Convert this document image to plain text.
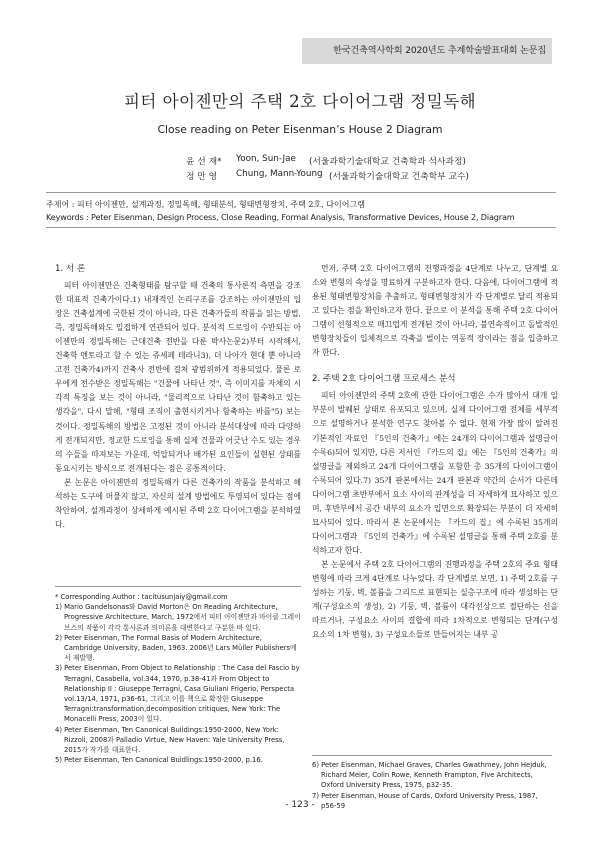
한국건축역사학회 2020년도 추계학술발표대회 논문집
피터 아이젠만의 주택 2호 다이어그램 정밀독해
Close reading on Peter Eisenman’s House 2 Diagram
윤 선 재* Yoon, Sun-Jae (서울과학기술대학교 건축학과 석사과정)
정 만 영 Chung, Mann-Young (서울과학기술대학교 건축학부 교수)
주제어 : 피터 아이젠만, 설계과정, 정밀독해, 형태분석, 형태변형장치, 주택 2호, 다이어그램
Keywords : Peter Eisenman, Design Process, Close Reading, Formal Analysis, Transformative Devices, House 2, Diagram
1. 서 론

피터 아이젠만은 건축형태를 탐구할 때 건축의 통사론적 측면을 강조한 대표적 건축가이다.1) 내재적인 논리구조를 강조하는 아이젠만의 입장은 건축설계에 국한된 것이 아니라, 다른 건축가들의 작품을 읽는 방법, 즉, 정밀독해와도 밀접하게 연관되어 있다. 분석적 드로잉이 수반되는 아이젠만의 정밀독해는 근대건축 전반을 다룬 박사논문2)부터 시작해서, 건축학 멘토라고 할 수 있는 쥬세페 테라니3), 더 나아가 현대 뿐 아니라 고전 건축가4)까지 건축사 전반에 걸쳐 광범위하게 적용되었다. 물론 로우에게 전수받은 정밀독해는 "건물에 나타난 것", 즉 이미지를 자체의 시각적 특징을 보는 것이 아니라, "물리적으로 나타난 것이 함축하고 있는 생각을", 다시 말해, "형태 조직이 출현시키거나 함축하는 바를"5) 보는 것이다. 정밀독해의 방법은 고정된 것이 아니라 분석대상에 따라 다양하게 전개되지만, 정교한 드로잉을 통해 실제 건물과 어긋난 수도 있는 경우의 수들을 따져보는 가운데, 억압되거나 배가된 요인들이 실현된 상태를 동요시키는 방식으로 전개된다는 점은 공통적이다.

본 논문은 아이젠만의 정밀독해가 다른 건축가의 작품을 분석하고 해석하는 도구에 머물지 않고, 자신의 설계 방법에도 투영되어 있다는 점에 착안하여, 설계과정이 상세하게 예시된 주택 2호 다이어그램을 분석하였다.

먼저, 주택 2호 다이어그램의 진행과정을 4단계로 나누고, 단계별 요소와 변형의 속성을 명료하게 구분하고자 한다. 다음에, 다이어그램에 적용된 형태변형장치를 추출하고, 형태변형장치가 각 단계별로 달리 적용되고 있다는 점을 확인하고자 한다. 끝으로 이 분석을 통해 주택 2호 다이어그램이 선형적으로 매끄럽게 전개된 것이 아니라, 불연속적이고 돌발적인 변형장치들이 입체적으로 각축을 벌이는 역동적 장이라는 점을 입증하고자 한다.

2. 주택 2호 다이어그램 프로세스 분석

피터 아이젠만의 주택 2호에 관한 다이어그램은 수가 많아서 대개 일부분이 발췌된 상태로 유포되고 있으며, 실제 다이어그램 전체를 세부적으로 설명하거나 분석한 연구도 찾아볼 수 없다. 현재 가장 많이 알려진 기본적인 자료인 『5인의 건축가』에는 24개의 다이어그램과 설명글이 수록6)되어 있지만, 다른 저서인 『카드의 집』에는 『5인의 건축가』의 설명글을 제외하고 24개 다이어그램을 포함한 총 35개의 다이어그램이 수록되어 있다.7) 35개 판본에서는 24개 판본과 약간의 순서가 다른데 다이어그램 초반부에서 요소 사이의 관계성을 더 자세하게 묘사하고 있으며, 후반부에서 공간 내부의 요소가 입면으로 확장되는 부분이 더 자세히 묘사되어 있다. 따라서 본 논문에서는 『카드의 집』에 수록된 35개의 다이어그램과 『5인의 건축가』에 수록된 설명글을 통해 주택 2호를 분석하고자 한다.

본 논문에서 주택 2호 다이어그램의 진행과정을 주택 2호의 주요 형태 변형에 따라 크게 4단계로 나누었다. 각 단계별로 보면, 1) 주택 2호를 구성하는 기둥, 벽, 볼륨을 그리드로 표현되는 실층구조에 따라 생성하는 단계(구성요소의 생성), 2) 기둥, 벽, 볼륨이 대각선상으로 절단하는 선을 따르거나, 구성요소 사이의 결합에 따라 1차적으로 변형되는 단계(구성요소의 1차 변형), 3) 구성요소들로 만들어지는 내부 공

* Corresponding Author : tacitusunjaiy@gmail.com
1) Mario Gandelsonas와 David Morton은 On Reading Architecture, Progressive Architecture, March, 1972에서 피터 아이젠만과 마이클 그레이브스의 작품이 각각 통사론과 의미론을 대변한다고 구분한 바 있다.
2) Peter Eisenman, The Formal Basis of Modern Architecture, Cambridge University, Baden, 1963. 2006년 Lars Müller Publishers에서 재발행.
3) Peter Eisenman, From Object to Relationship : The Casa del Fascio by Terragni, Casabella, vol.344, 1970, p.38-41과 From Object to Relationship II : Giuseppe Terragni, Casa Giuliani Frigerio, Perspecta vol.13/14, 1971, p36-61, 그리고 이를 책으로 확장한 Giuseppe Terragni:transformation,decomposition critiques, New York: The Monacelli Press, 2003이 있다.
4) Peter Eisenman, Ten Canonical Buildings:1950-2000, New York: Rizzoli, 2008과 Palladio Virtue, New Haven: Yale University Press, 2015가 작가를 대표한다.
5) Peter Eisenman, Ten Canonical Buidlings:1950-2000, p.16.
6) Peter Eisenman, Michael Graves, Charles Gwathmey, John Hejduk, Richard Meier, Colin Rowe, Kenneth Frampton, Five Architects, Oxford University Press, 1975, p32-35.
7) Peter Eisenman, House of Cards, Oxford University Press, 1987, p56-59
- 123 -
